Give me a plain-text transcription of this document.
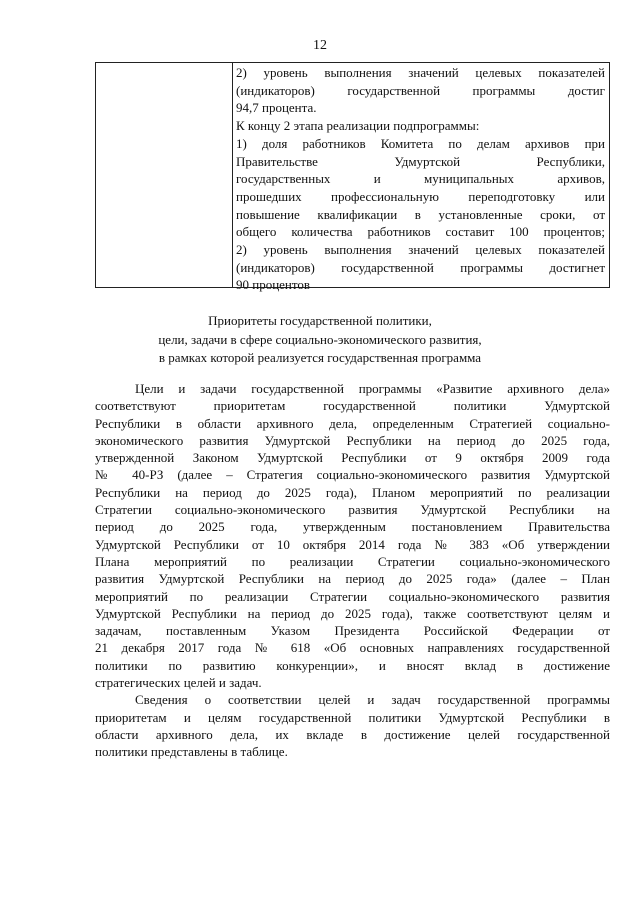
12
2) уровень выполнения значений целевых показателей
(индикаторов) государственной программы достиг
94,7 процента.
К концу 2 этапа реализации подпрограммы:
1) доля работников Комитета по делам архивов при
Правительстве Удмуртской Республики,
государственных и муниципальных архивов,
прошедших профессиональную переподготовку или
повышение квалификации в установленные сроки, от
общего количества работников составит 100 процентов;
2) уровень выполнения значений целевых показателей
(индикаторов) государственной программы достигнет
90 процентов
Приоритеты государственной политики,
цели, задачи в сфере социально-экономического развития,
в рамках которой реализуется государственная программа
Цели и задачи государственной программы «Развитие архивного дела»
соответствуют приоритетам государственной политики Удмуртской
Республики в области архивного дела, определенным Стратегией социально-
экономического развития Удмуртской Республики на период до 2025 года,
утвержденной Законом Удмуртской Республики от 9 октября 2009 года
№ 40-РЗ (далее – Стратегия социально-экономического развития Удмуртской
Республики на период до 2025 года), Планом мероприятий по реализации
Стратегии социально-экономического развития Удмуртской Республики на
период до 2025 года, утвержденным постановлением Правительства
Удмуртской Республики от 10 октября 2014 года № 383 «Об утверждении
Плана мероприятий по реализации Стратегии социально-экономического
развития Удмуртской Республики на период до 2025 года» (далее – План
мероприятий по реализации Стратегии социально-экономического развития
Удмуртской Республики на период до 2025 года), также соответствуют целям и
задачам, поставленным Указом Президента Российской Федерации от
21 декабря 2017 года № 618 «Об основных направлениях государственной
политики по развитию конкуренции», и вносят вклад в достижение
стратегических целей и задач.
Сведения о соответствии целей и задач государственной программы
приоритетам и целям государственной политики Удмуртской Республики в
области архивного дела, их вкладе в достижение целей государственной
политики представлены в таблице.
